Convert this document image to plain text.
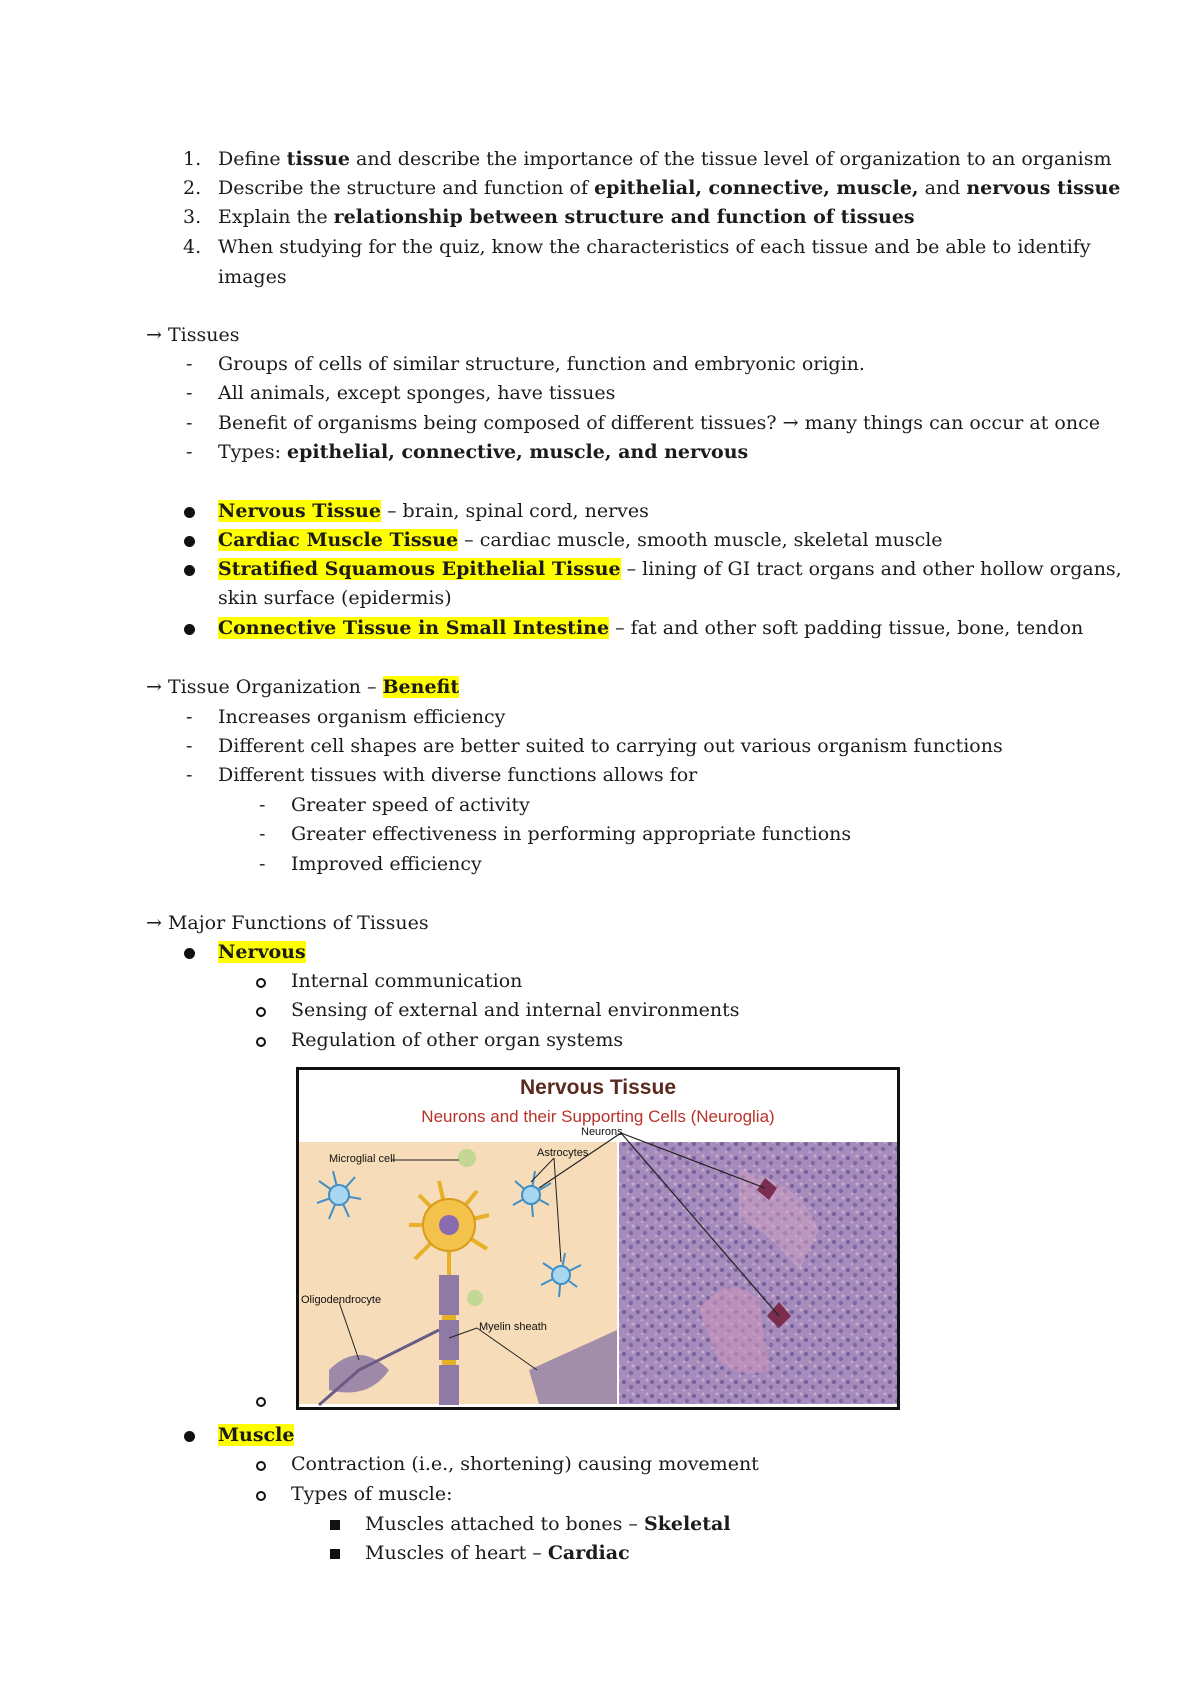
1. Define tissue and describe the importance of the tissue level of organization to an organism
2. Describe the structure and function of epithelial, connective, muscle, and nervous tissue
3. Explain the relationship between structure and function of tissues
4. When studying for the quiz, know the characteristics of each tissue and be able to identify
images
→ Tissues
- Groups of cells of similar structure, function and embryonic origin.
- All animals, except sponges, have tissues
- Benefit of organisms being composed of different tissues? → many things can occur at once
- Types: epithelial, connective, muscle, and nervous
Nervous Tissue – brain, spinal cord, nerves
Cardiac Muscle Tissue – cardiac muscle, smooth muscle, skeletal muscle
Stratified Squamous Epithelial Tissue – lining of GI tract organs and other hollow organs,
skin surface (epidermis)
Connective Tissue in Small Intestine – fat and other soft padding tissue, bone, tendon
→ Tissue Organization – Benefit
- Increases organism efficiency
- Different cell shapes are better suited to carrying out various organism functions
- Different tissues with diverse functions allows for
- Greater speed of activity
- Greater effectiveness in performing appropriate functions
- Improved efficiency
→ Major Functions of Tissues
Nervous
Internal communication
Sensing of external and internal environments
Regulation of other organ systems
Nervous Tissue
Neurons and their Supporting Cells (Neuroglia)
Neurons
Microglial cell	Astrocytes
Oligodendrocyte
Myelin sheath
Muscle
Contraction (i.e., shortening) causing movement
Types of muscle:
Muscles attached to bones – Skeletal
Muscles of heart – Cardiac
